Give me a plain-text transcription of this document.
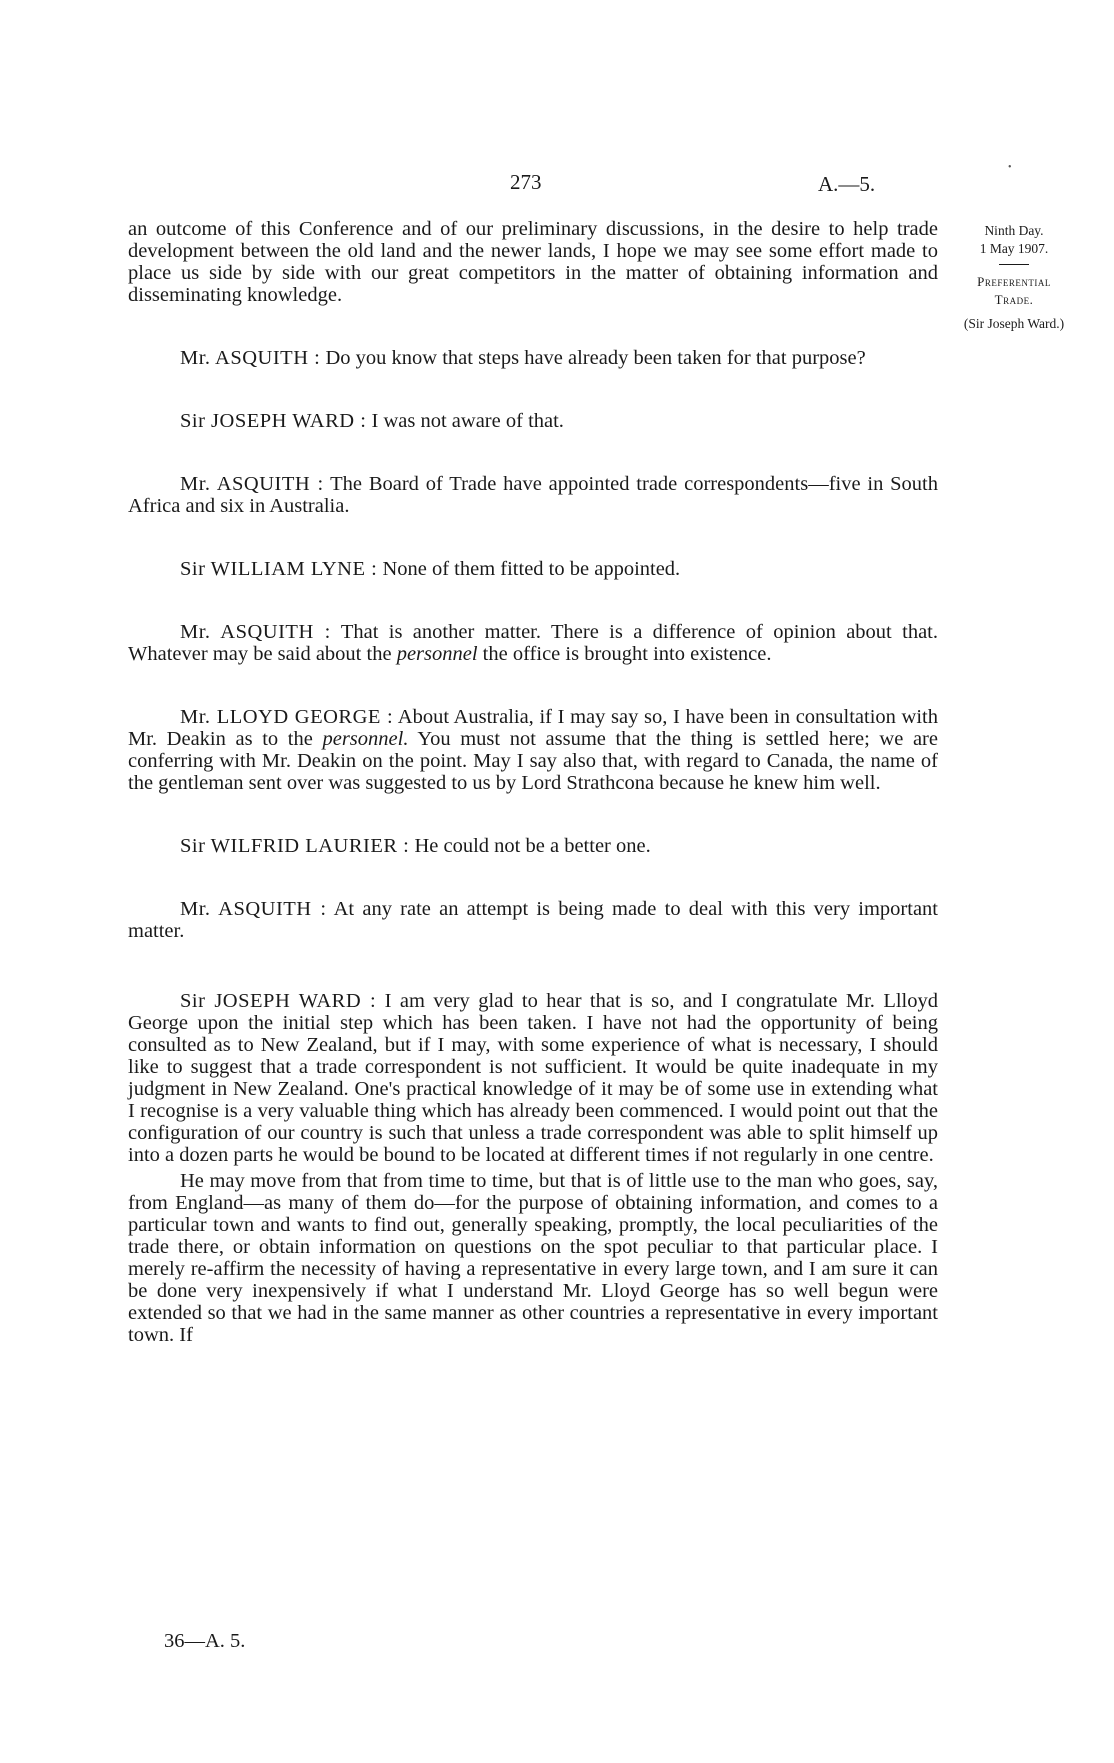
•
273	A.—5.
Ninth Day.
1 May 1907.
Preferential Trade.
(Sir Joseph Ward.)

an outcome of this Conference and of our preliminary discussions, in the desire to help trade development between the old land and the newer lands, I hope we may see some effort made to place us side by side with our great competitors in the matter of obtaining information and disseminating knowledge.

Mr. ASQUITH : Do you know that steps have already been taken for that purpose?

Sir JOSEPH WARD : I was not aware of that.

Mr. ASQUITH : The Board of Trade have appointed trade correspondents—five in South Africa and six in Australia.

Sir WILLIAM LYNE : None of them fitted to be appointed.

Mr. ASQUITH : That is another matter. There is a difference of opinion about that. Whatever may be said about the personnel the office is brought into existence.

Mr. LLOYD GEORGE : About Australia, if I may say so, I have been in consultation with Mr. Deakin as to the personnel. You must not assume that the thing is settled here; we are conferring with Mr. Deakin on the point. May I say also that, with regard to Canada, the name of the gentleman sent over was suggested to us by Lord Strathcona because he knew him well.

Sir WILFRID LAURIER : He could not be a better one.

Mr. ASQUITH : At any rate an attempt is being made to deal with this very important matter.

Sir JOSEPH WARD : I am very glad to hear that is so, and I congratulate Mr. Llloyd George upon the initial step which has been taken. I have not had the opportunity of being consulted as to New Zealand, but if I may, with some experience of what is necessary, I should like to suggest that a trade correspondent is not sufficient. It would be quite inadequate in my judgment in New Zealand. One's practical knowledge of it may be of some use in extending what I recognise is a very valuable thing which has already been commenced. I would point out that the configuration of our country is such that unless a trade correspondent was able to split himself up into a dozen parts he would be bound to be located at different times if not regularly in one centre.

He may move from that from time to time, but that is of little use to the man who goes, say, from England—as many of them do—for the purpose of obtaining information, and comes to a particular town and wants to find out, generally speaking, promptly, the local peculiarities of the trade there, or obtain information on questions on the spot peculiar to that particular place. I merely re-affirm the necessity of having a representative in every large town, and I am sure it can be done very inexpensively if what I understand Mr. Lloyd George has so well begun were extended so that we had in the same manner as other countries a representative in every important town. If

36—A. 5.
